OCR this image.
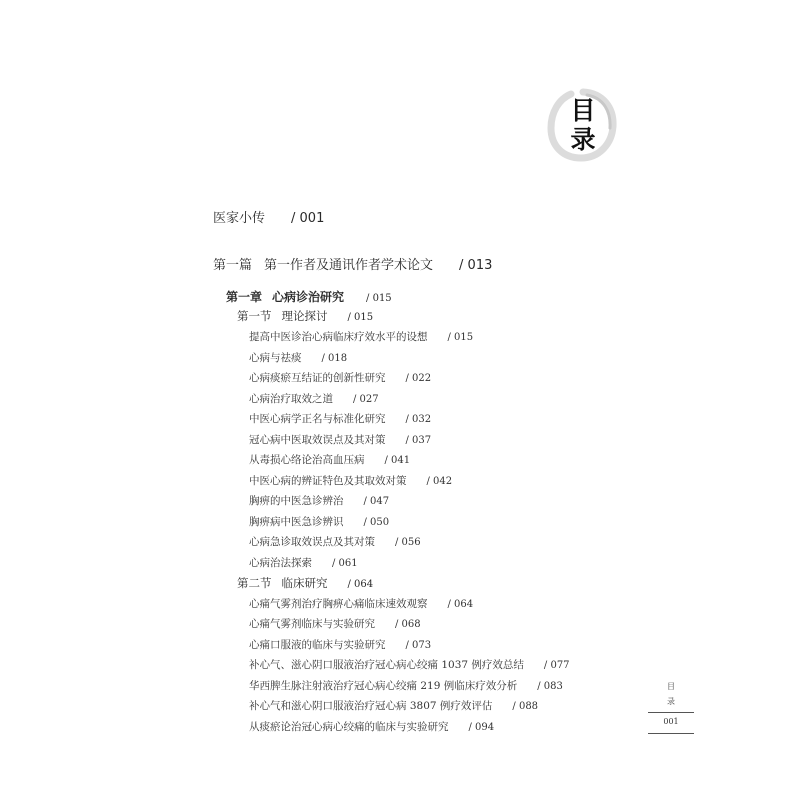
目
录
医家小传 / 001
第一篇 第一作者及通讯作者学术论文 / 013
第一章 心病诊治研究 / 015
第一节 理论探讨 / 015
提高中医诊治心病临床疗效水平的设想 / 015
心病与祛痰 / 018
心病痰瘀互结证的创新性研究 / 022
心病治疗取效之道 / 027
中医心病学正名与标准化研究 / 032
冠心病中医取效误点及其对策 / 037
从毒损心络论治高血压病 / 041
中医心病的辨证特色及其取效对策 / 042
胸痹的中医急诊辨治 / 047
胸痹病中医急诊辨识 / 050
心病急诊取效误点及其对策 / 056
心病治法探索 / 061
第二节 临床研究 / 064
心痛气雾剂治疗胸痹心痛临床速效观察 / 064
心痛气雾剂临床与实验研究 / 068
心痛口服液的临床与实验研究 / 073
补心气、滋心阴口服液治疗冠心病心绞痛 1037 例疗效总结 / 077
华西脾生脉注射液治疗冠心病心绞痛 219 例临床疗效分析 / 083
补心气和滋心阴口服液治疗冠心病 3807 例疗效评估 / 088
从痰瘀论治冠心病心绞痛的临床与实验研究 / 094
目
录
001
